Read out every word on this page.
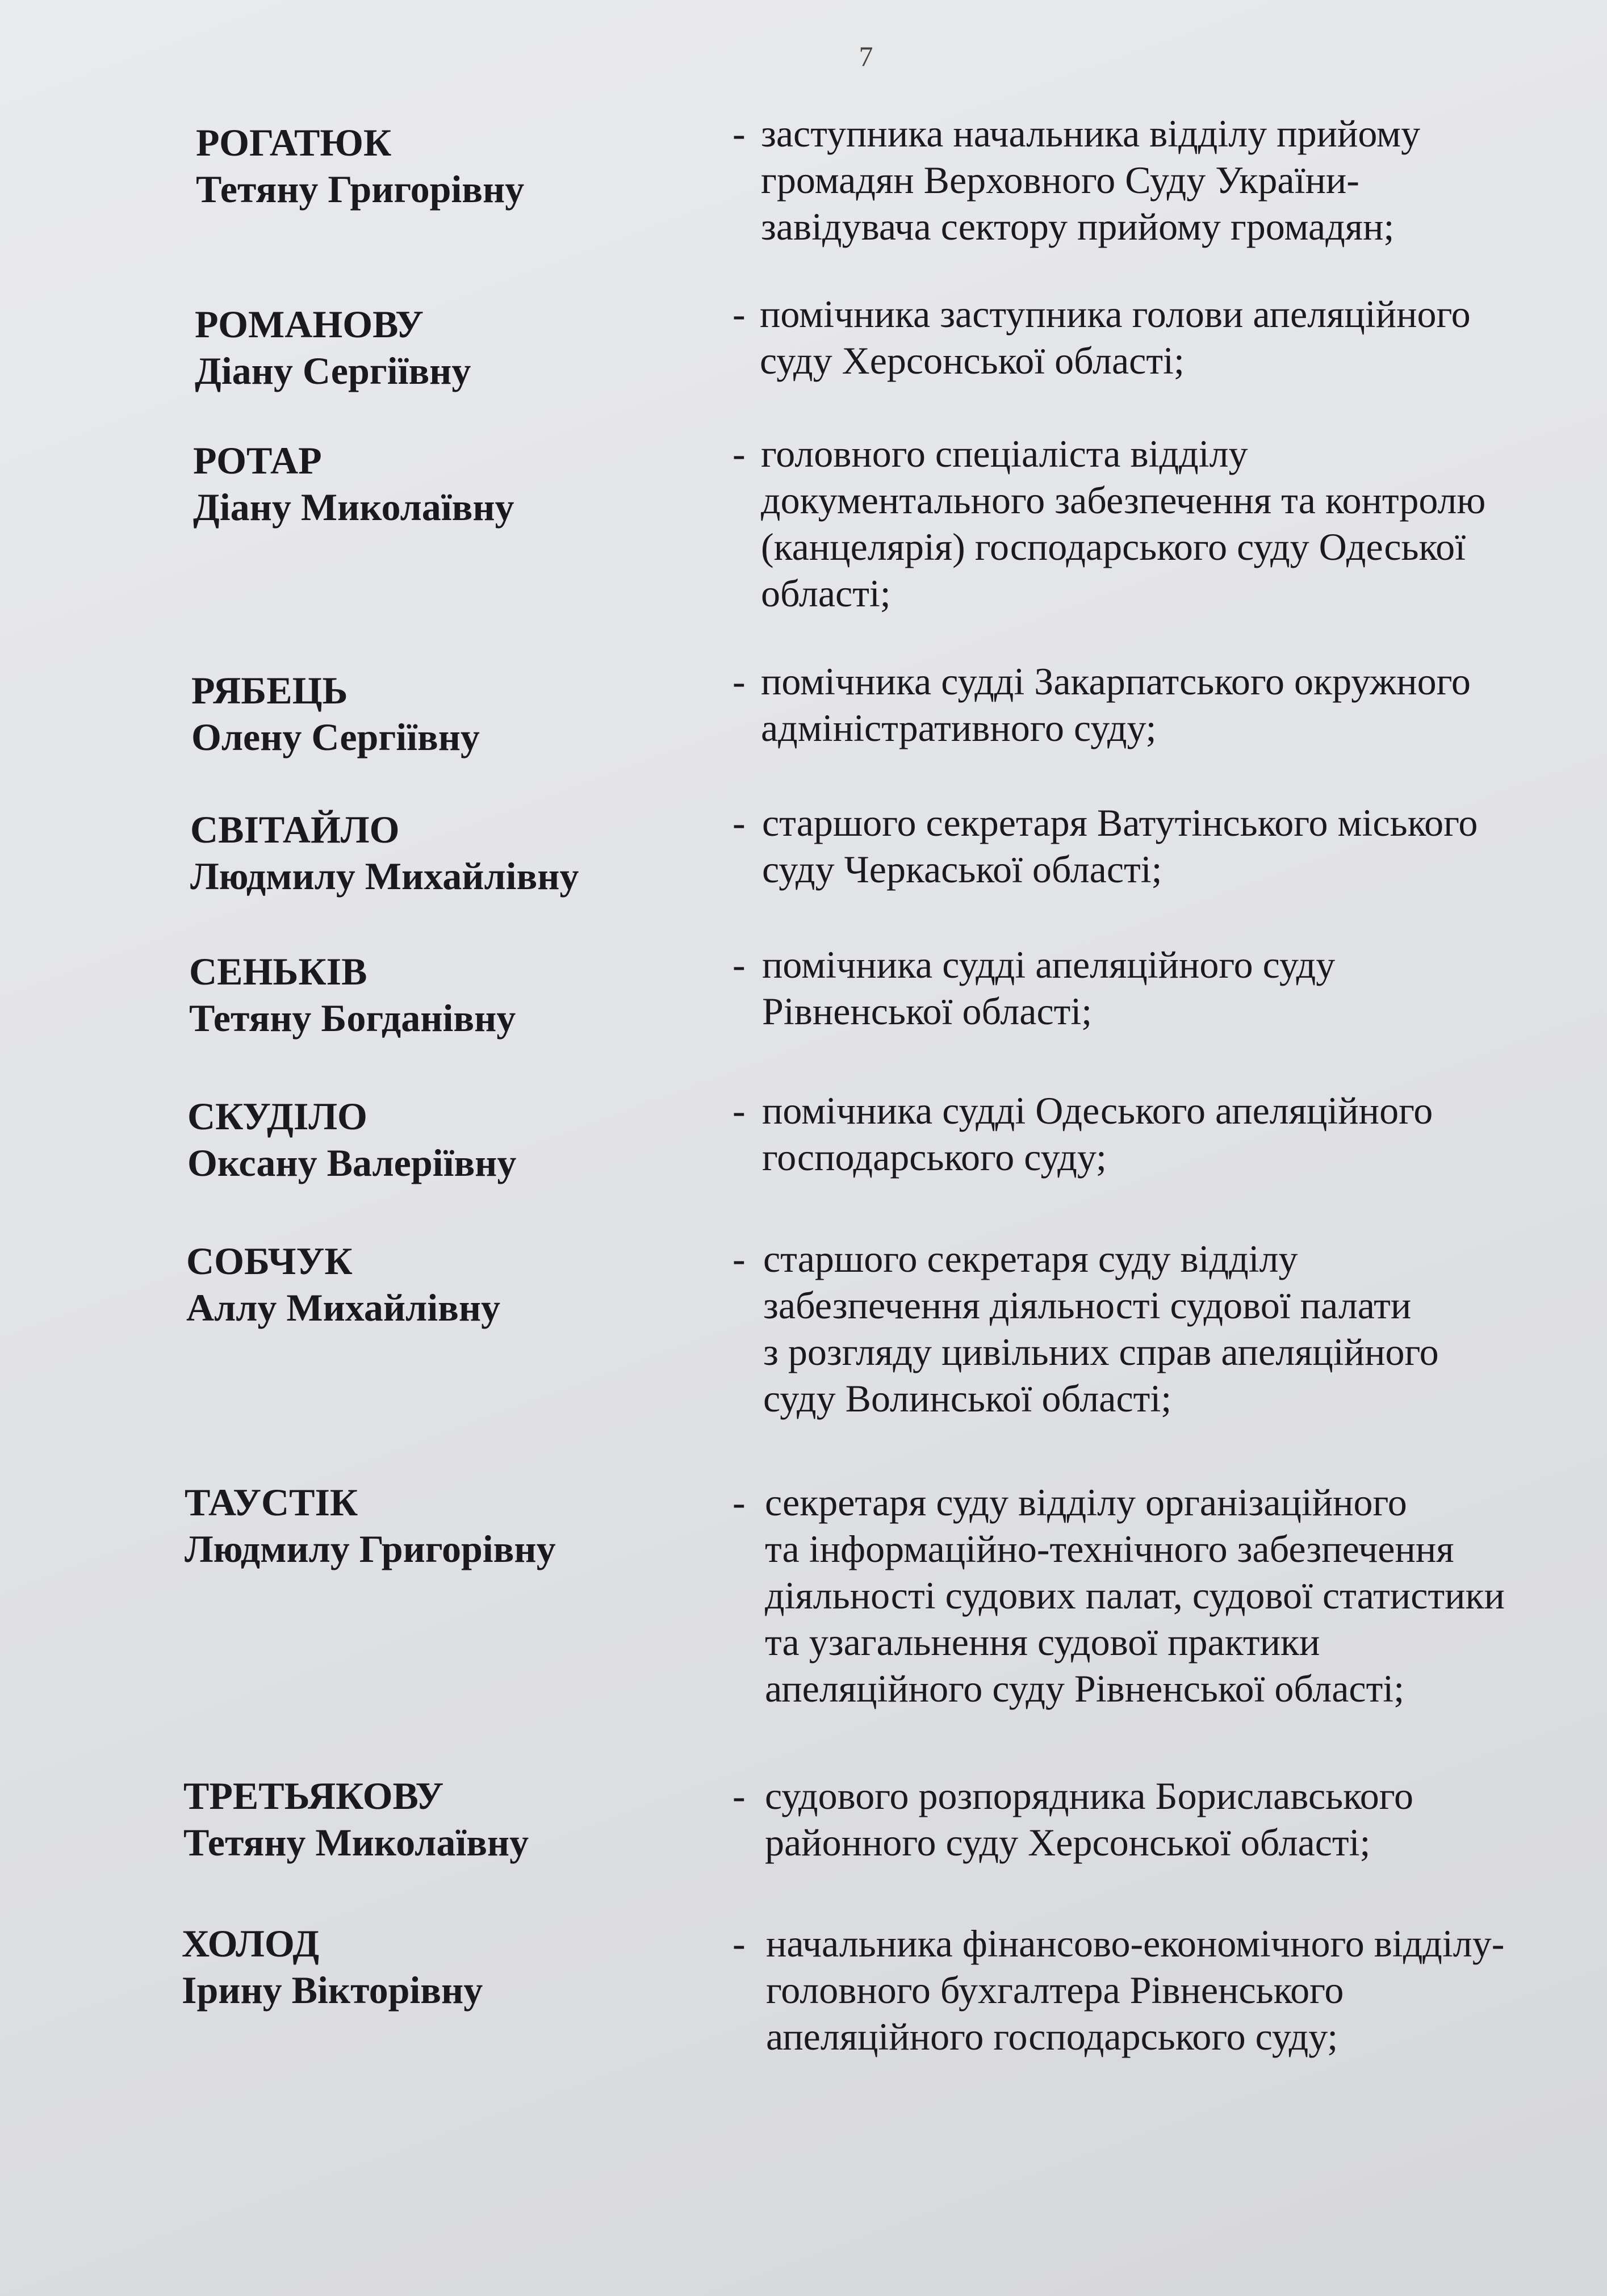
7
РОГАТЮК
Тетяну Григорівну
- заступника начальника відділу прийому
громадян Верховного Суду України-
завідувача сектору прийому громадян;
РОМАНОВУ
Діану Сергіївну
- помічника заступника голови апеляційного
суду Херсонської області;
РОТАР
Діану Миколаївну
- головного спеціаліста відділу
документального забезпечення та контролю
(канцелярія) господарського суду Одеської
області;
РЯБЕЦЬ
Олену Сергіївну
- помічника судді Закарпатського окружного
адміністративного суду;
СВІТАЙЛО
Людмилу Михайлівну
- старшого секретаря Ватутінського міського
суду Черкаської області;
СЕНЬКІВ
Тетяну Богданівну
- помічника судді апеляційного суду
Рівненської області;
СКУДІЛО
Оксану Валеріївну
- помічника судді Одеського апеляційного
господарського суду;
СОБЧУК
Аллу Михайлівну
- старшого секретаря суду відділу
забезпечення діяльності судової палати
з розгляду цивільних справ апеляційного
суду Волинської області;
ТАУСТІК
Людмилу Григорівну
- секретаря суду відділу організаційного
та інформаційно-технічного забезпечення
діяльності судових палат, судової статистики
та узагальнення судової практики
апеляційного суду Рівненської області;
ТРЕТЬЯКОВУ
Тетяну Миколаївну
- судового розпорядника Бориславського
районного суду Херсонської області;
ХОЛОД
Ірину Вікторівну
- начальника фінансово-економічного відділу-
головного бухгалтера Рівненського
апеляційного господарського суду;
